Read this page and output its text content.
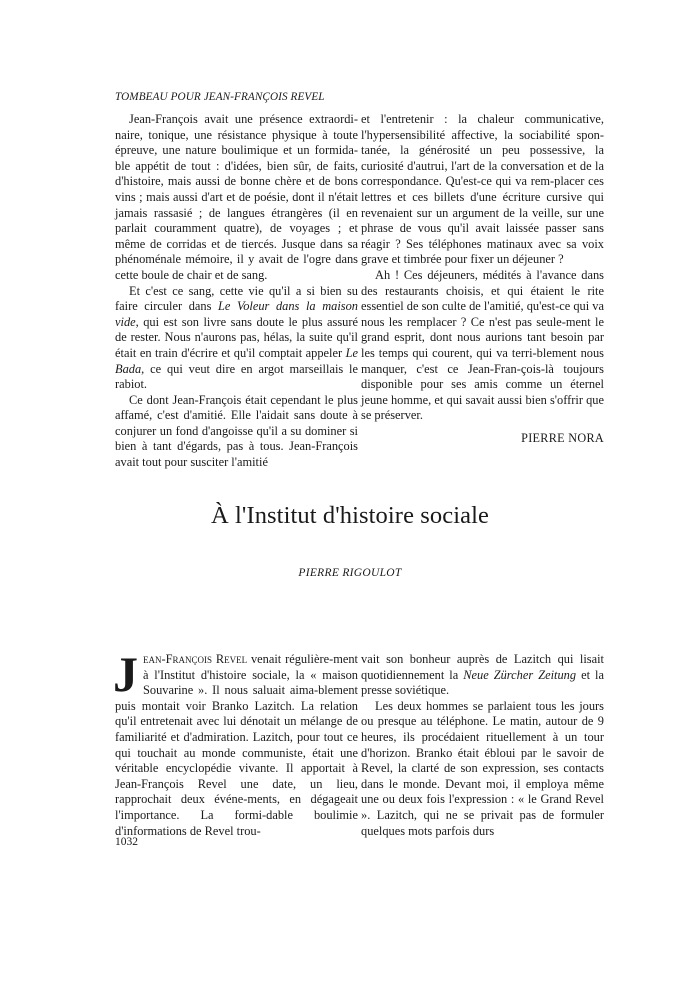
TOMBEAU POUR JEAN-FRANÇOIS REVEL

Jean-François avait une présence extraordi-naire, tonique, une résistance physique à toute épreuve, une nature boulimique et un formida-ble appétit de tout : d'idées, bien sûr, de faits, d'histoire, mais aussi de bonne chère et de bons vins ; mais aussi d'art et de poésie, dont il n'était jamais rassasié ; de langues étrangères (il en parlait couramment quatre), de voyages ; et même de corridas et de tiercés. Jusque dans sa phénoménale mémoire, il y avait de l'ogre dans cette boule de chair et de sang.

Et c'est ce sang, cette vie qu'il a si bien su faire circuler dans Le Voleur dans la maison vide, qui est son livre sans doute le plus assuré de rester. Nous n'aurons pas, hélas, la suite qu'il était en train d'écrire et qu'il comptait appeler Le Bada, ce qui veut dire en argot marseillais le rabiot.

Ce dont Jean-François était cependant le plus affamé, c'est d'amitié. Elle l'aidait sans doute à conjurer un fond d'angoisse qu'il a su dominer si bien à tant d'égards, pas à tous. Jean-François avait tout pour susciter l'amitié

et l'entretenir : la chaleur communicative, l'hypersensibilité affective, la sociabilité spon-tanée, la générosité un peu possessive, la curiosité d'autrui, l'art de la conversation et de la correspondance. Qu'est-ce qui va rem-placer ces lettres et ces billets d'une écriture cursive qui revenaient sur un argument de la veille, sur une phrase de vous qu'il avait laissée passer sans réagir ? Ses téléphones matinaux avec sa voix grave et timbrée pour fixer un déjeuner ?

Ah ! Ces déjeuners, médités à l'avance dans des restaurants choisis, et qui étaient le rite essentiel de son culte de l'amitié, qu'est-ce qui va nous les remplacer ? Ce n'est pas seule-ment le grand esprit, dont nous aurions tant besoin par les temps qui courent, qui va terri-blement nous manquer, c'est ce Jean-Fran-çois-là toujours disponible pour ses amis comme un éternel jeune homme, et qui savait aussi bien s'offrir que se préserver.

PIERRE NORA

À l'Institut d'histoire sociale
PIERRE RIGOULOT

Jean-François Revel venait régulière-ment à l'Institut d'histoire sociale, la « maison Souvarine ». Il nous saluait aima-blement puis montait voir Branko Lazitch. La relation qu'il entretenait avec lui dénotait un mélange de familiarité et d'admiration. Lazitch, pour tout ce qui touchait au monde communiste, était une véritable encyclopédie vivante. Il apportait à Jean-François Revel une date, un lieu, rapprochait deux événe-ments, en dégageait l'importance. La formi-dable boulimie d'informations de Revel trou-

vait son bonheur auprès de Lazitch qui lisait quotidiennement la Neue Zürcher Zeitung et la presse soviétique.

Les deux hommes se parlaient tous les jours ou presque au téléphone. Le matin, autour de 9 heures, ils procédaient rituellement à un tour d'horizon. Branko était ébloui par le savoir de Revel, la clarté de son expression, ses contacts dans le monde. Devant moi, il employa même une ou deux fois l'expression : « le Grand Revel ». Lazitch, qui ne se privait pas de formuler quelques mots parfois durs

1032
